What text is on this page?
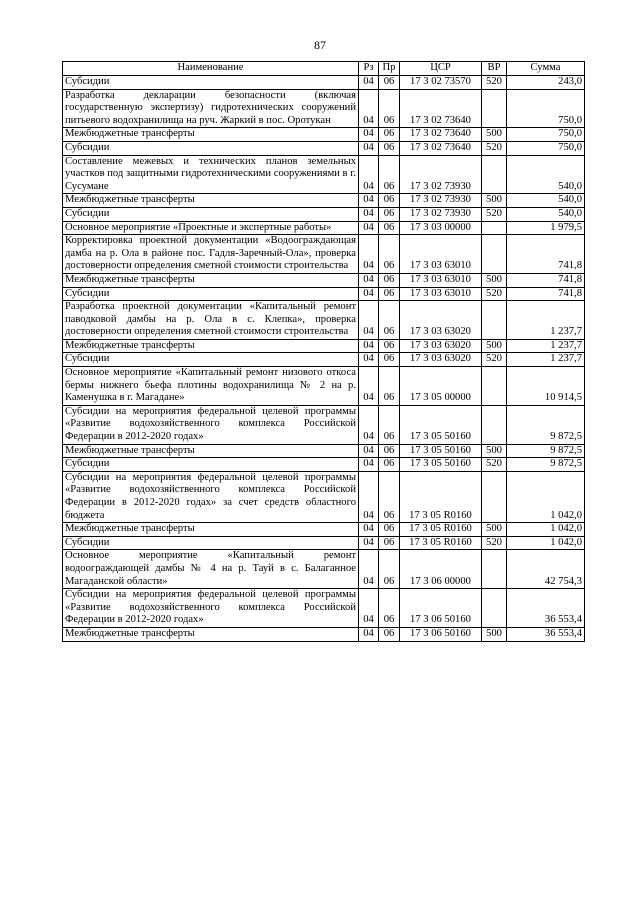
87
Наименование	Рз	Пр	ЦСР	ВР	Сумма
Субсидии	04	06	17 3 02 73570	520	243,0
Разработка декларации безопасности (включая государственную экспертизу) гидротехнических сооружений питьевого водохранилища на руч. Жаркий в пос. Оротукан	04	06	17 3 02 73640		750,0
Межбюджетные трансферты	04	06	17 3 02 73640	500	750,0
Субсидии	04	06	17 3 02 73640	520	750,0
Составление межевых и технических планов земельных участков под защитными гидротехническими сооружениями в г. Сусумане	04	06	17 3 02 73930		540,0
Межбюджетные трансферты	04	06	17 3 02 73930	500	540,0
Субсидии	04	06	17 3 02 73930	520	540,0
Основное мероприятие «Проектные и экспертные работы»	04	06	17 3 03 00000		1 979,5
Корректировка проектной документации «Водоограждающая дамба на р. Ола в районе пос. Гадля-Заречный-Ола», проверка достоверности определения сметной стоимости строительства	04	06	17 3 03 63010		741,8
Межбюджетные трансферты	04	06	17 3 03 63010	500	741,8
Субсидии	04	06	17 3 03 63010	520	741,8
Разработка проектной документации «Капитальный ремонт паводковой дамбы на р. Ола в с. Клепка», проверка достоверности определения сметной стоимости строительства	04	06	17 3 03 63020		1 237,7
Межбюджетные трансферты	04	06	17 3 03 63020	500	1 237,7
Субсидии	04	06	17 3 03 63020	520	1 237,7
Основное мероприятие «Капитальный ремонт низового откоса бермы нижнего бьефа плотины водохранилища № 2 на р. Каменушка в г. Магадане»	04	06	17 3 05 00000		10 914,5
Субсидии на мероприятия федеральной целевой программы «Развитие водохозяйственного комплекса Российской Федерации в 2012-2020 годах»	04	06	17 3 05 50160		9 872,5
Межбюджетные трансферты	04	06	17 3 05 50160	500	9 872,5
Субсидии	04	06	17 3 05 50160	520	9 872,5
Субсидии на мероприятия федеральной целевой программы «Развитие водохозяйственного комплекса Российской Федерации в 2012-2020 годах» за счет средств областного бюджета	04	06	17 3 05 R0160		1 042,0
Межбюджетные трансферты	04	06	17 3 05 R0160	500	1 042,0
Субсидии	04	06	17 3 05 R0160	520	1 042,0
Основное мероприятие «Капитальный ремонт водоограждающей дамбы № 4 на р. Тауй в с. Балаганное Магаданской области»	04	06	17 3 06 00000		42 754,3
Субсидии на мероприятия федеральной целевой программы «Развитие водохозяйственного комплекса Российской Федерации в 2012-2020 годах»	04	06	17 3 06 50160		36 553,4
Межбюджетные трансферты	04	06	17 3 06 50160	500	36 553,4
